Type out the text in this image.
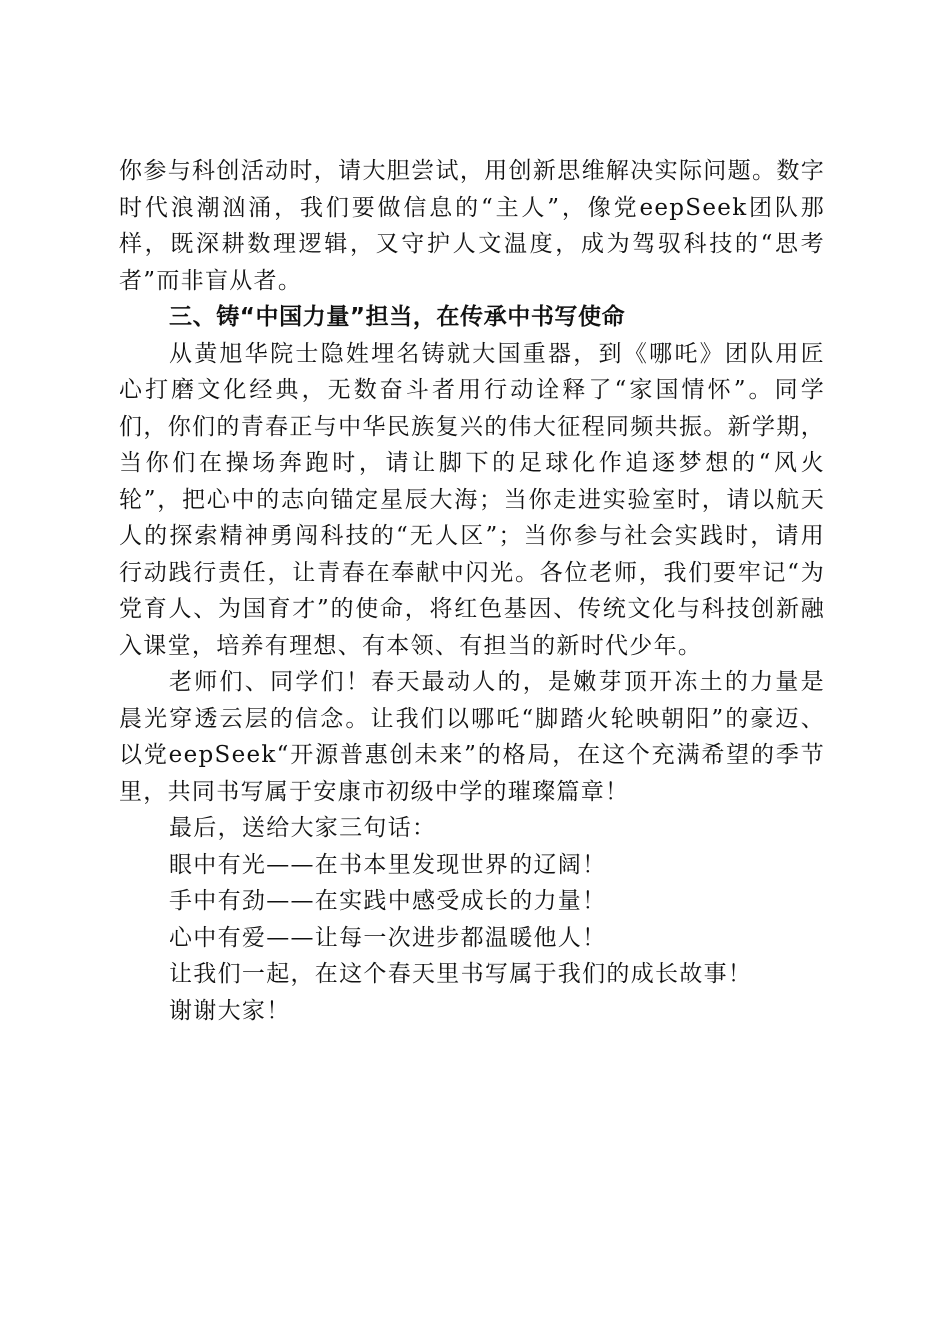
你参与科创活动时，请大胆尝试，用创新思维解决实际问题。数字时代浪潮汹涌，我们要做信息的“主人”，像党eepSeek团队那样，既深耕数理逻辑，又守护人文温度，成为驾驭科技的“思考者”而非盲从者。

三、铸“中国力量”担当，在传承中书写使命

从黄旭华院士隐姓埋名铸就大国重器，到《哪吒》团队用匠心打磨文化经典，无数奋斗者用行动诠释了“家国情怀”。同学们，你们的青春正与中华民族复兴的伟大征程同频共振。新学期，当你们在操场奔跑时，请让脚下的足球化作追逐梦想的“风火轮”，把心中的志向锚定星辰大海；当你走进实验室时，请以航天人的探索精神勇闯科技的“无人区”；当你参与社会实践时，请用行动践行责任，让青春在奉献中闪光。各位老师，我们要牢记“为党育人、为国育才”的使命，将红色基因、传统文化与科技创新融入课堂，培养有理想、有本领、有担当的新时代少年。

老师们、同学们！春天最动人的，是嫩芽顶开冻土的力量是晨光穿透云层的信念。让我们以哪吒“脚踏火轮映朝阳”的豪迈、以党eepSeek“开源普惠创未来”的格局，在这个充满希望的季节里，共同书写属于安康市初级中学的璀璨篇章！

最后，送给大家三句话：

眼中有光——在书本里发现世界的辽阔！

手中有劲——在实践中感受成长的力量！

心中有爱——让每一次进步都温暖他人！

让我们一起，在这个春天里书写属于我们的成长故事！

谢谢大家！
